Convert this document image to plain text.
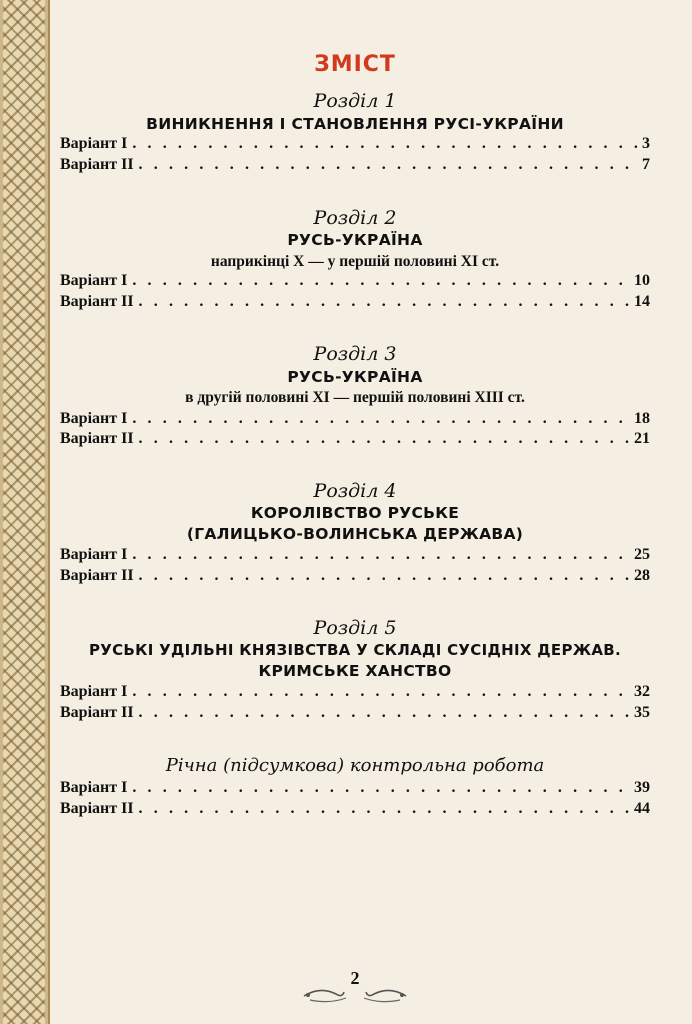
ЗМІСТ
Розділ 1
ВИНИКНЕННЯ І СТАНОВЛЕННЯ РУСІ-УКРАЇНИ
Варіант I . . .	3
Варіант II . . .	7
Розділ 2
РУСЬ-УКРАЇНА
наприкінці X — у першій половині XI ст.
Варіант I . . .	10
Варіант II . . .	14
Розділ 3
РУСЬ-УКРАЇНА
в другій половині XI — першій половині XIII ст.
Варіант I . . .	18
Варіант II . . .	21
Розділ 4
КОРОЛІВСТВО РУСЬКЕ
(ГАЛИЦЬКО-ВОЛИНСЬКА ДЕРЖАВА)
Варіант I . . .	25
Варіант II . . .	28
Розділ 5
РУСЬКІ УДІЛЬНІ КНЯЗІВСТВА У СКЛАДІ СУСІДНІХ ДЕРЖАВ.
КРИМСЬКЕ ХАНСТВО
Варіант I . . .	32
Варіант II . . .	35
Річна (підсумкова) контрольна робота
Варіант I . . .	39
Варіант II . . .	44
2
